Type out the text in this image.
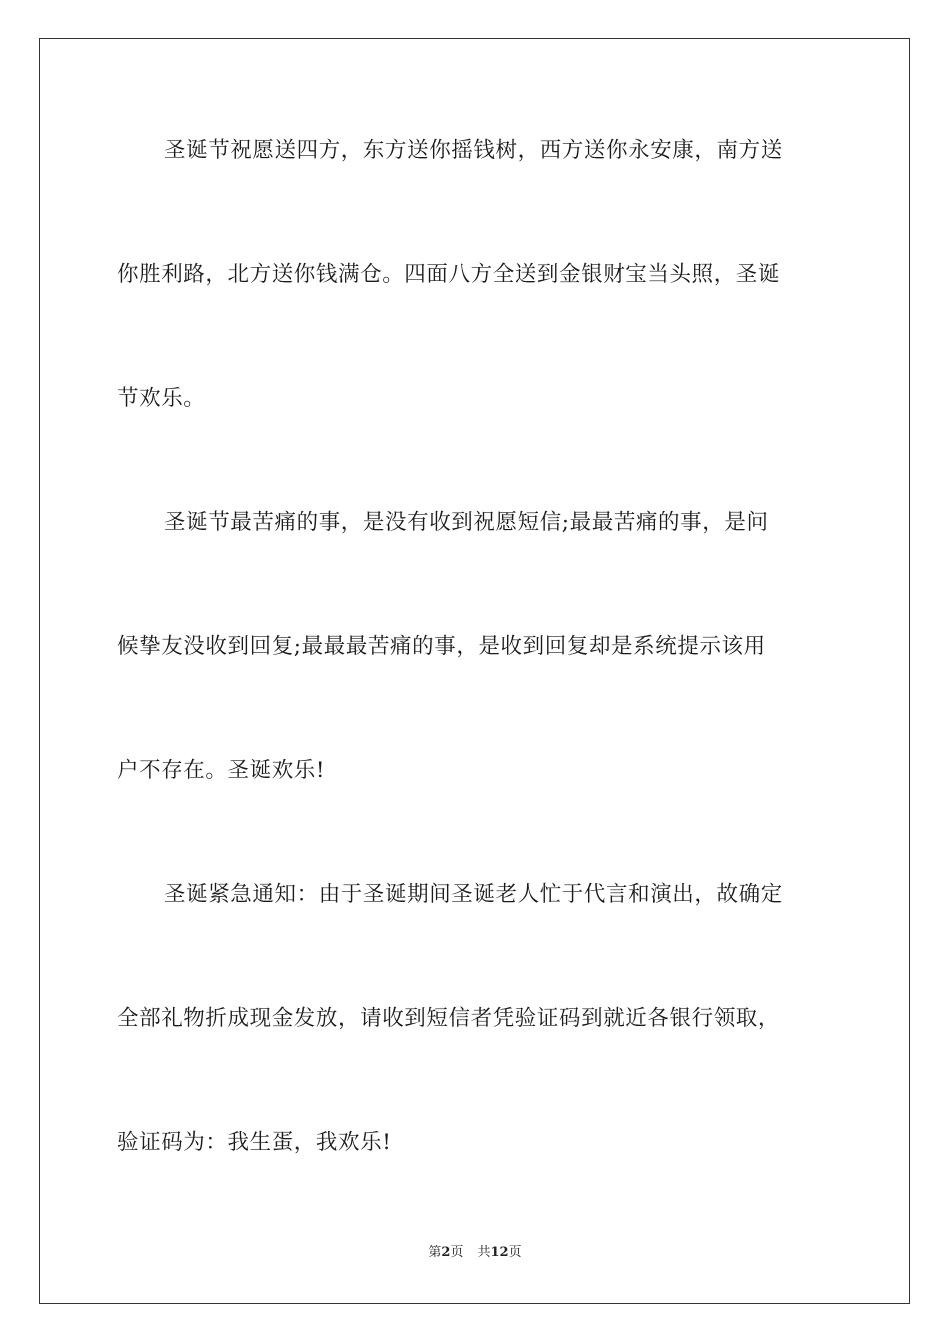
圣诞节祝愿送四方，东方送你摇钱树，西方送你永安康，南方送
你胜利路，北方送你钱满仓。四面八方全送到金银财宝当头照，圣诞
节欢乐。
圣诞节最苦痛的事，是没有收到祝愿短信;最最苦痛的事，是问
候挚友没收到回复;最最最苦痛的事，是收到回复却是系统提示该用
户不存在。圣诞欢乐!
圣诞紧急通知：由于圣诞期间圣诞老人忙于代言和演出，故确定
全部礼物折成现金发放，请收到短信者凭验证码到就近各银行领取，
验证码为：我生蛋，我欢乐!
第2页 共12页
